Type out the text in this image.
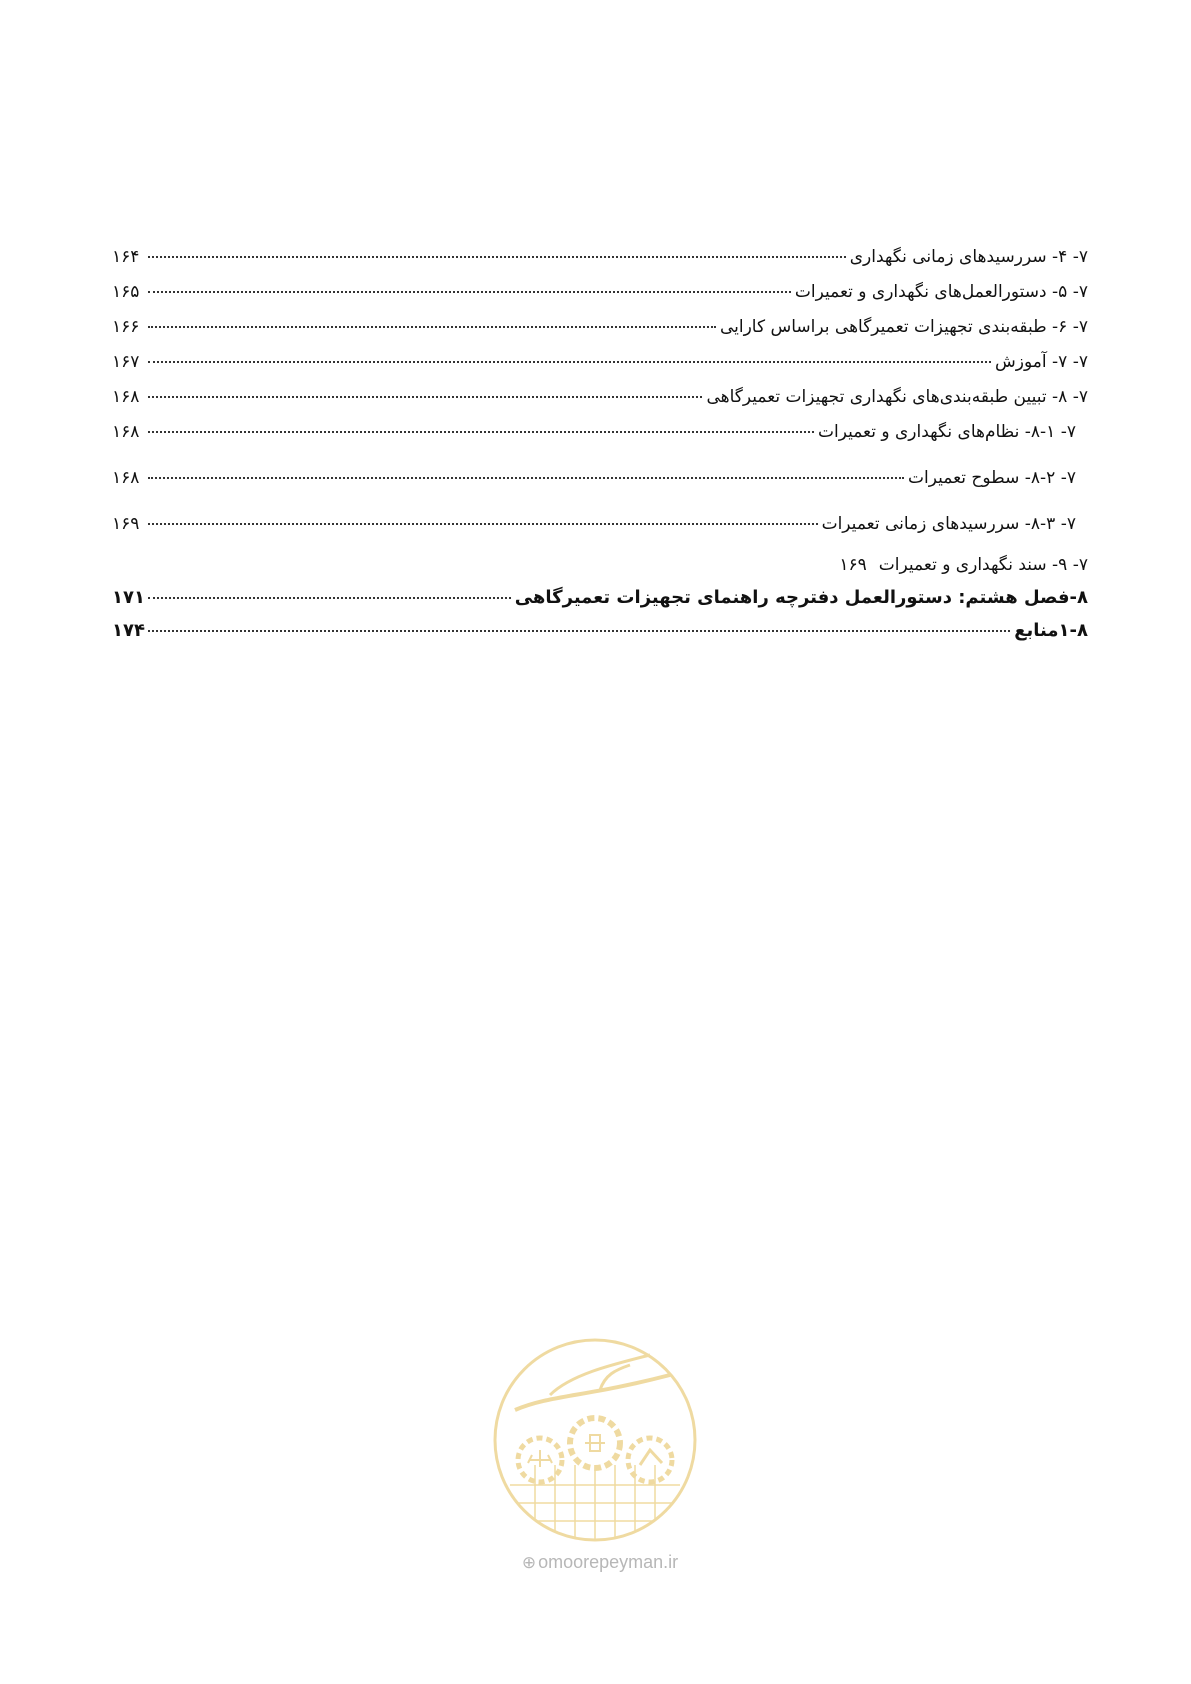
۷- ۴- سررسیدهای زمانی نگهداری
۱۶۴
۷- ۵- دستورالعمل‌های نگهداری و تعمیرات
۱۶۵
۷- ۶- طبقه‌بندی تجهیزات تعمیرگاهی براساس کارایی
۱۶۶
۷- ۷- آموزش
۱۶۷
۷- ۸- تبیین طبقه‌بندی‌های نگهداری تجهیزات تعمیرگاهی
۱۶۸
۷- ۸-۱- نظام‌های نگهداری و تعمیرات
۱۶۸
۷- ۸-۲- سطوح تعمیرات
۱۶۸
۷- ۸-۳- سررسیدهای زمانی تعمیرات
۱۶۹
۷- ۹- سند نگهداری و تعمیرات
۱۶۹
۸-فصل هشتم: دستورالعمل دفترچه راهنمای تجهیزات تعمیرگاهی
۱۷۱
۱-۸منابع
۱۷۴
⊕ omoorepeyman.ir
